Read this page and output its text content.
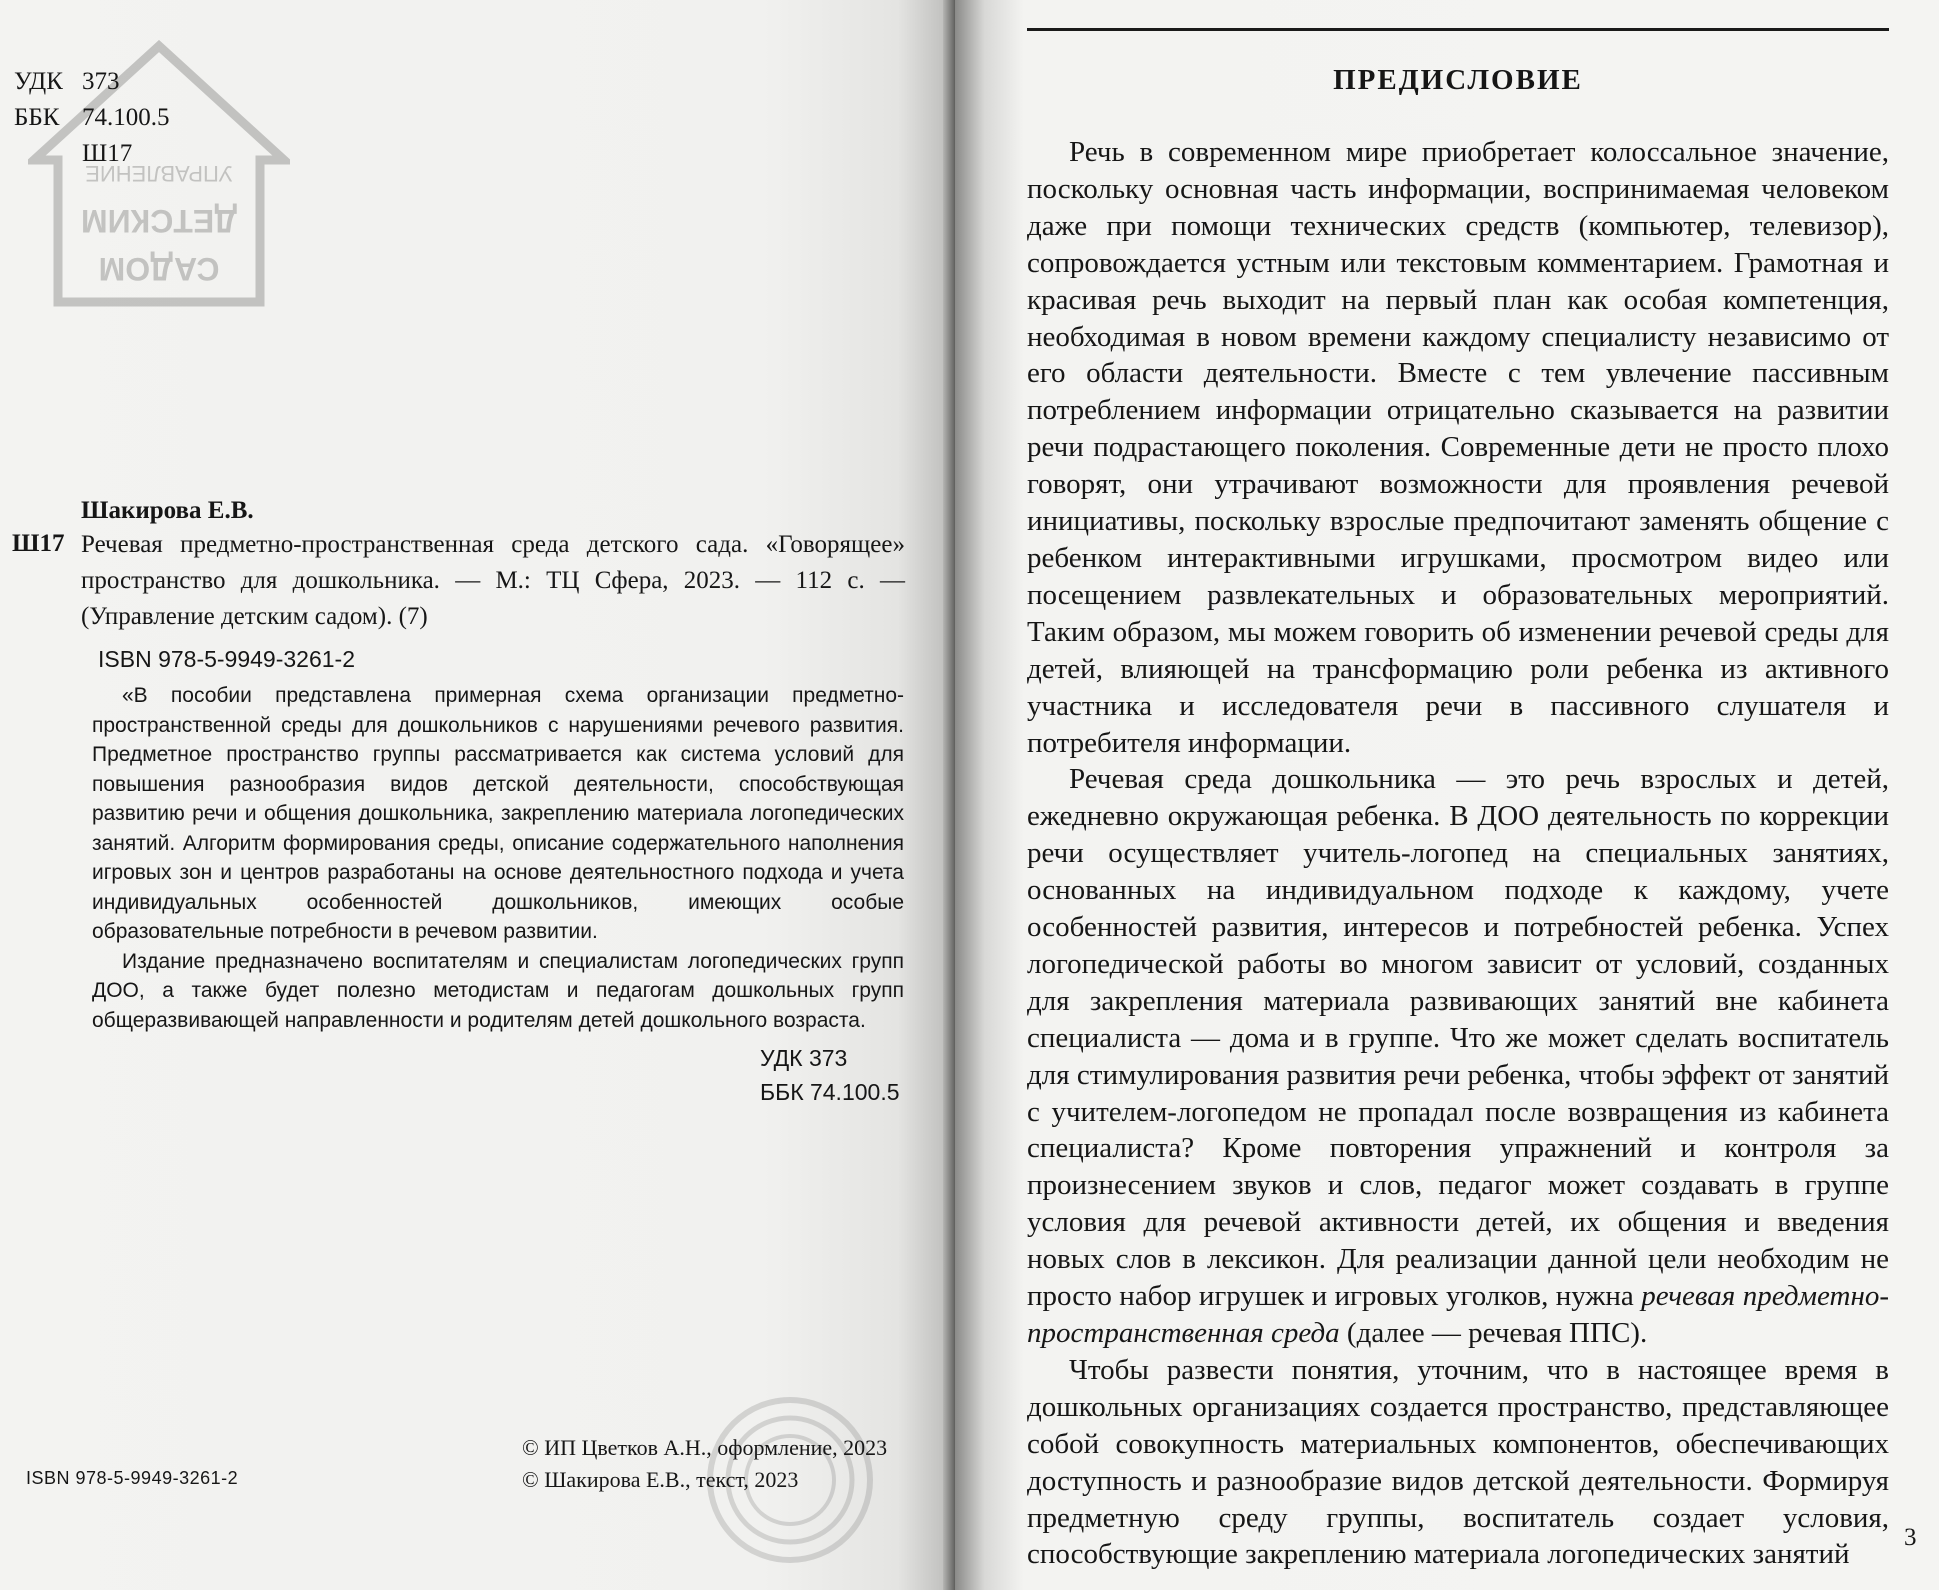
УПРАВЛЕНИЕ
ДЕТСКИМ
САДОМ
УДК 373
ББК 74.100.5
Ш17
Шакирова Е.В.
Ш17 Речевая предметно-пространственная среда детского сада. «Говорящее» пространство для дошкольника. — М.: ТЦ Сфера, 2023. — 112 с. — (Управление детским садом). (7)
ISBN 978-5-9949-3261-2

«В пособии представлена примерная схема организации предметно-пространственной среды для дошкольников с нарушениями речевого развития. Предметное пространство группы рассматривается как система условий для повышения разнообразия видов детской деятельности, способствующая развитию речи и общения дошкольника, закреплению материала логопедических занятий. Алгоритм формирования среды, описание содержательного наполнения игровых зон и центров разработаны на основе деятельностного подхода и учета индивидуальных особенностей дошкольников, имеющих особые образовательные потребности в речевом развитии.

Издание предназначено воспитателям и специалистам логопедических групп ДОО, а также будет полезно методистам и педагогам дошкольных групп общеразвивающей направленности и родителям детей дошкольного возраста.

УДК 373
ББК 74.100.5
© ИП Цветков А.Н., оформление, 2023
© Шакирова Е.В., текст, 2023
ISBN 978-5-9949-3261-2
ПРЕДИСЛОВИЕ

Речь в современном мире приобретает колоссальное значение, поскольку основная часть информации, воспринимаемая человеком даже при помощи технических средств (компьютер, телевизор), сопровождается устным или текстовым комментарием. Грамотная и красивая речь выходит на первый план как особая компетенция, необходимая в новом времени каждому специалисту независимо от его области деятельности. Вместе с тем увлечение пассивным потреблением информации отрицательно сказывается на развитии речи подрастающего поколения. Современные дети не просто плохо говорят, они утрачивают возможности для проявления речевой инициативы, поскольку взрослые предпочитают заменять общение с ребенком интерактивными игрушками, просмотром видео или посещением развлекательных и образовательных мероприятий. Таким образом, мы можем говорить об изменении речевой среды для детей, влияющей на трансформацию роли ребенка из активного участника и исследователя речи в пассивного слушателя и потребителя информации.

Речевая среда дошкольника — это речь взрослых и детей, ежедневно окружающая ребенка. В ДОО деятельность по коррекции речи осуществляет учитель-логопед на специальных занятиях, основанных на индивидуальном подходе к каждому, учете особенностей развития, интересов и потребностей ребенка. Успех логопедической работы во многом зависит от условий, созданных для закрепления материала развивающих занятий вне кабинета специалиста — дома и в группе. Что же может сделать воспитатель для стимулирования развития речи ребенка, чтобы эффект от занятий с учителем-логопедом не пропадал после возвращения из кабинета специалиста? Кроме повторения упражнений и контроля за произнесением звуков и слов, педагог может создавать в группе условия для речевой активности детей, их общения и введения новых слов в лексикон. Для реализации данной цели необходим не просто набор игрушек и игровых уголков, нужна речевая предметно-пространственная среда (далее — речевая ППС).

Чтобы развести понятия, уточним, что в настоящее время в дошкольных организациях создается пространство, представляющее собой совокупность материальных компонентов, обеспечивающих доступность и разнообразие видов детской деятельности. Формируя предметную среду группы, воспитатель создает условия, способствующие закреплению материала логопедических занятий

3
